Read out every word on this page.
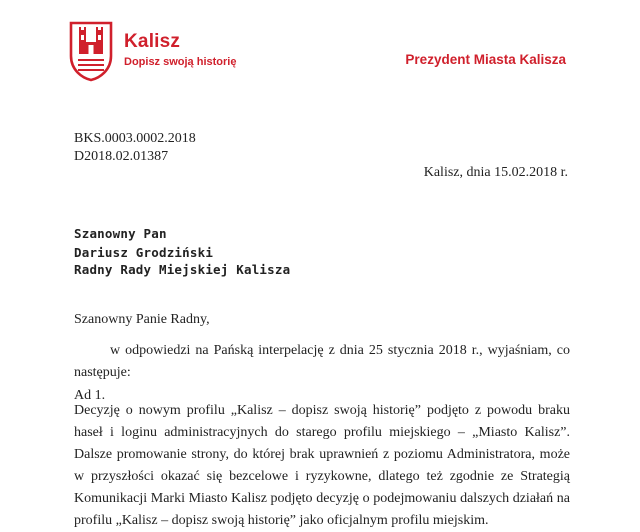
Kalisz
Dopisz swoją historię	Prezydent Miasta Kalisza
BKS.0003.0002.2018
D2018.02.01387
Kalisz, dnia 15.02.2018 r.
Szanowny Pan
Dariusz Grodziński
Radny Rady Miejskiej Kalisza
Szanowny Panie Radny,
w odpowiedzi na Pańską interpelację z dnia 25 stycznia 2018 r., wyjaśniam, co następuje:
Ad 1.
Decyzję o nowym profilu „Kalisz – dopisz swoją historię” podjęto z powodu braku haseł i loginu administracyjnych do starego profilu miejskiego – „Miasto Kalisz”. Dalsze promowanie strony, do której brak uprawnień z poziomu Administratora, może w przyszłości okazać się bezcelowe i ryzykowne, dlatego też zgodnie ze Strategią Komunikacji Marki Miasto Kalisz podjęto decyzję o podejmowaniu dalszych działań na profilu „Kalisz – dopisz swoją historię” jako oficjalnym profilu miejskim.
